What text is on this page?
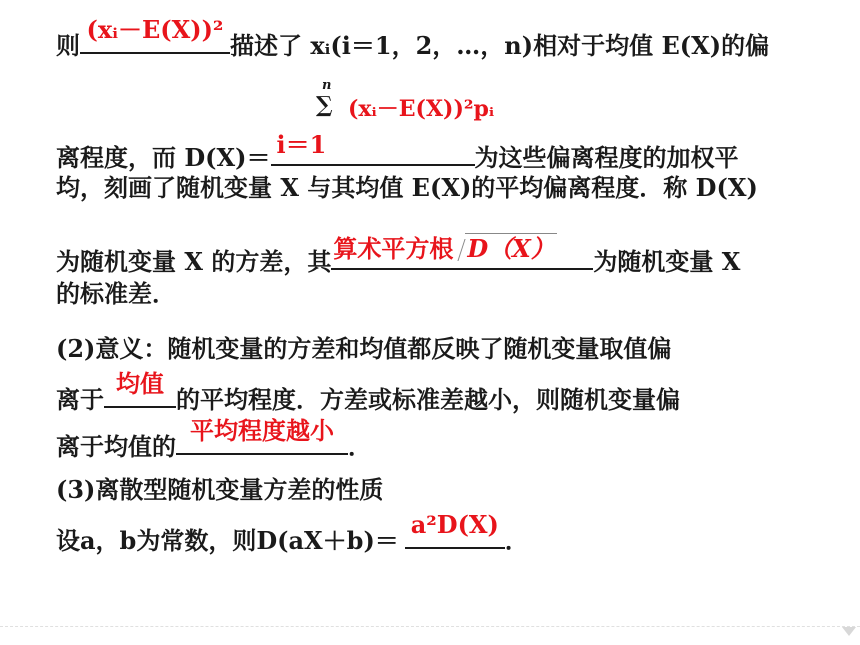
则
(xᵢ－E(X))²
描述了 xᵢ(i＝1，2，…，n)相对于均值 E(X)的偏
n
∑ (xᵢ－E(X))²pᵢ
离程度，而 D(X)＝ i＝1	为这些偏离程度的加权平
均，刻画了随机变量 X 与其均值 E(X)的平均偏离程度．称 D(X)
为随机变量 X 的方差，其 算术平方根 D（X）	为随机变量 X
的标准差．
(2)意义：随机变量的方差和均值都反映了随机变量取值偏
离于
均值
的平均程度．方差或标准差越小，则随机变量偏
离于均值的
平均程度越小
．
(3)离散型随机变量方差的性质
设a，b为常数，则D(aX＋b)＝
a²D(X)
．
